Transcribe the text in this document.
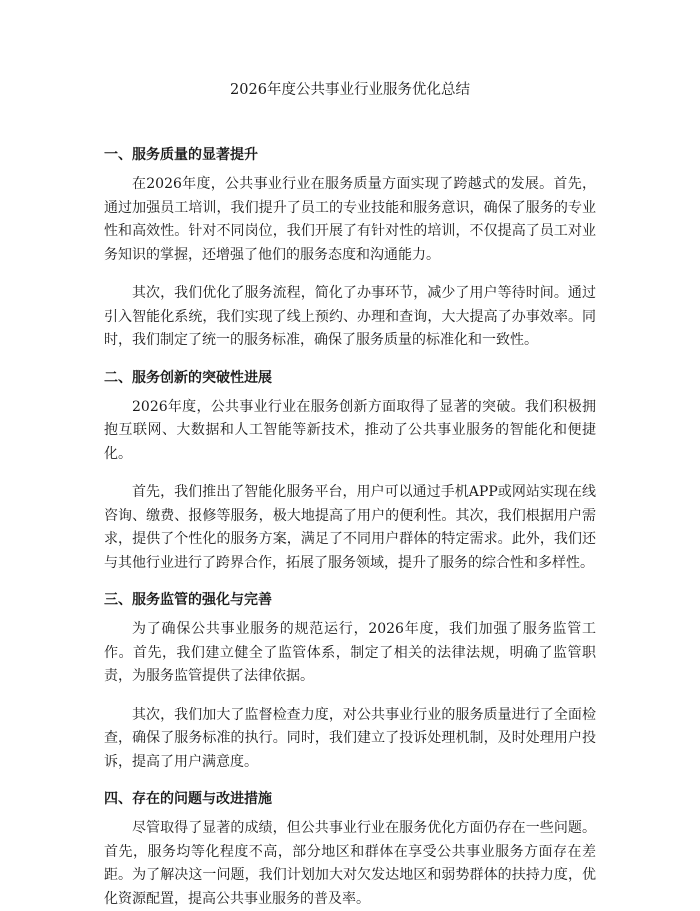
2026年度公共事业行业服务优化总结
一、服务质量的显著提升

在2026年度，公共事业行业在服务质量方面实现了跨越式的发展。首先，通过加强员工培训，我们提升了员工的专业技能和服务意识，确保了服务的专业性和高效性。针对不同岗位，我们开展了有针对性的培训，不仅提高了员工对业务知识的掌握，还增强了他们的服务态度和沟通能力。

其次，我们优化了服务流程，简化了办事环节，减少了用户等待时间。通过引入智能化系统，我们实现了线上预约、办理和查询，大大提高了办事效率。同时，我们制定了统一的服务标准，确保了服务质量的标准化和一致性。

二、服务创新的突破性进展

2026年度，公共事业行业在服务创新方面取得了显著的突破。我们积极拥抱互联网、大数据和人工智能等新技术，推动了公共事业服务的智能化和便捷化。

首先，我们推出了智能化服务平台，用户可以通过手机APP或网站实现在线咨询、缴费、报修等服务，极大地提高了用户的便利性。其次，我们根据用户需求，提供了个性化的服务方案，满足了不同用户群体的特定需求。此外，我们还与其他行业进行了跨界合作，拓展了服务领域，提升了服务的综合性和多样性。

三、服务监管的强化与完善

为了确保公共事业服务的规范运行，2026年度，我们加强了服务监管工作。首先，我们建立健全了监管体系，制定了相关的法律法规，明确了监管职责，为服务监管提供了法律依据。

其次，我们加大了监督检查力度，对公共事业行业的服务质量进行了全面检查，确保了服务标准的执行。同时，我们建立了投诉处理机制，及时处理用户投诉，提高了用户满意度。

四、存在的问题与改进措施

尽管取得了显著的成绩，但公共事业行业在服务优化方面仍存在一些问题。首先，服务均等化程度不高，部分地区和群体在享受公共事业服务方面存在差距。为了解决这一问题，我们计划加大对欠发达地区和弱势群体的扶持力度，优化资源配置，提高公共事业服务的普及率。
